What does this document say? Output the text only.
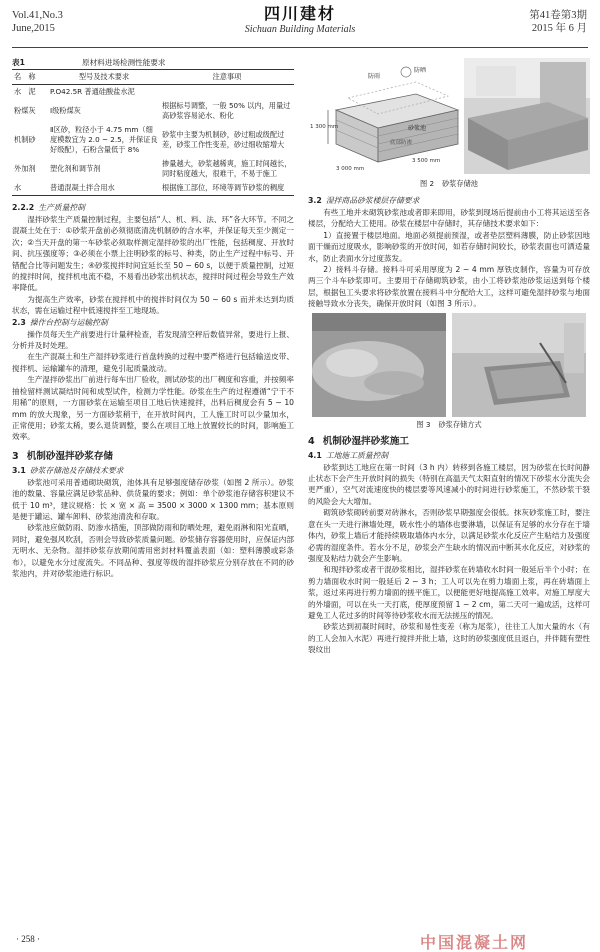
Vol.41,No.3
June,2015
四川建材
Sichuan Building Materials
第41卷第3期
2015 年 6 月
表1	原材料进场检测性能要求
名　称	型号及技术要求	注意事项
水　泥	P.O42.5R 普通硅酸盐水泥	
粉煤灰	Ⅰ级粉煤灰	根据标号调整，一般 50% 以内，用量过高砂浆容易泌水、粉化
机制砂	Ⅱ区砂，粒径小于 4.75 mm（细度模数宜为 2.0 ~ 2.5，并保证良好级配），石粉含量低于 8%	砂浆中主要为机制砂，砂过粗或级配过差，砂浆工作性变差，砂过细收缩增大
外加剂	塑化剂和调节剂	掺量越大，砂浆越稀爽，施工时间越长，同时粘度越大，很难干，不易于施工
水	普通混凝土拌合用水	根据施工部位，环境等调节砂浆的稠度
2.2.2 生产质量控制

湿拌砂浆生产质量控制过程，主要包括“人、机、料、法、环”各大环节。不同之混凝土处在于：①砂浆开盘前必须彻底清洗机制砂的含水率，并保证每天至少测定一次；②当天开盘的第一车砂浆必须取样测定湿拌砂浆的出厂性能，包括稠度、开放时间、抗压强度等；③必须在小票上注明砂浆的标号、种类，防止生产过程中标号、开错配合比等问题发生；④砂浆搅拌时间宜延长至 50 ~ 60 s，以便于质量控制，过短的搅拌时间，搅拌机电流不稳，不易看出砂浆出机状态，搅拌时间过程会导致生产效率降低。

为提高生产效率，砂浆在搅拌机中的搅拌时间仅为 50 ~ 60 s 而并未达到均质状态，需在运输过程中低速搅拌至工地现场。

2.3 操作台控制与运输控制

操作员每天生产前要进行计量秤检查，若发现清空秤后数值异常，要进行上报、分析并及时处理。

在生产混凝土和生产湿拌砂浆进行首盘转换的过程中要严格进行包括输送皮带、搅拌机、运输罐车的清理，避免引起质量波动。

生产湿拌砂浆出厂前进行每车出厂验收，测试砂浆的出厂稠度和容重，并按频率抽检留样测试凝结时间和成型试件，检测力学性能。砂浆在生产的过程遵循“宁干不用稀”的原则，一方面砂浆在运输至项目工地后快速搅拌，出料后稠度会有 5 ~ 10 mm 的放大现象，另一方面砂浆稍干，在开放时间内，工人施工时可以少量加水，正常使用；砂浆太稀，要么退货调整，要么在项目工地上放置较长的时间，影响施工效率。

3 机制砂湿拌砂浆存储
3.1 砂浆存储池及存储技术要求

砂浆池可采用普通砌块砌筑，池体具有足够强度储存砂浆（如图 2 所示）。砂浆池的数量、容量应满足砂浆品种、供货量的要求；例如：单个砂浆池存储容积建议不低于 10 m³，建议规格：长 × 宽 × 高 = 3500 × 3000 × 1300 mm；基本原则是便于罐运、罐车卸料、砂浆池清洗和存取。

砂浆池应做防雨、防渗水措施，顶部做防雨和防晒处理，避免雨淋和阳光直晒，同时，避免强风吹刮，否则会导致砂浆质量问题。砂浆储存容器使用时，应保证内部无明水、无杂物。湿拌砂浆存放期间需用密封材料覆盖表面（如：塑料薄膜或彩条布），以避免水分过度流失。不同品种、强度等级的湿拌砂浆应分别存放在不同的砂浆池内，并对砂浆池进行标识。

防雨
防晒
砂浆池
1 300 mm
3 000 mm
3 500 mm
底部防渗
图 2 砂浆存储池
3.2 湿拌商品砂浆楼层存储要求

有些工地并未砌筑砂浆池或者即来即用，砂浆到现场后提前由小工将其运送至各楼层，分配给大工使用。砂浆在楼层中存储时，其存储技术要求如下：

1）直接置于楼层地面。地面必须提前预湿，或者垫层塑料薄膜，防止砂浆因地面干燥而过度吸水，影响砂浆的开放时间，如若存储时间较长，砂浆表面也可洒适量水，防止表面水分过度蒸发。

2）接料斗存储。接料斗可采用厚度为 2 ~ 4 mm 厚铁皮制作，容量为可存放两三个斗车砂浆即可。主要用于存储砌筑砂浆，由小工将砂浆池砂浆运送到每个楼层，根据包工头要求将砂浆放置在接料斗中分配给大工，这样可避免湿拌砂浆与地面接触导致水分丧失，确保开放时间（如图 3 所示）。

图 3 砂浆存储方式
4 机制砂湿拌砂浆施工
4.1 工地施工质量控制

砂浆到达工地应在第一时间（3 h 内）转移到各施工楼层，因为砂浆在长时间静止状态下会产生开放时间的损失（特别在高温天气太阳直射的情况下砂浆水分流失会更严重），空气对流速度快的楼层要等风速减小的时间进行砂浆施工，不然砂浆干裂的风险会大大增加。

砌筑砂浆砌砖前要对砖淋水，否则砂浆早期强度会很低。抹灰砂浆施工时，要注意在头一天进行淋墙处理，吸水性小的墙体也要淋墙，以保证有足够的水分存在于墙体内，砂浆上墙后才能持续吸取墙体内水分，以满足砂浆水化反应产生粘结力及强度必需的湿度条件。若水分不足，砂浆会产生缺水的情况而中断其水化反应，对砂浆的强度及粘结力就会产生影响。

和现拌砂浆或者干混砂浆相比，湿拌砂浆在砖墙收水时间一般延后半个小时；在剪力墙面收水时间一般延后 2 ~ 3 h；工人可以先在剪力墙面上浆，再在砖墙面上浆，返过来再进行剪力墙面的搓平施工，以便能更好地提高施工效率。对施工厚度大的外墙面，可以在头一天打底，使厚度预留 1 ~ 2 cm，第二天可一遍成活，这样可避免工人花过多的时间等待砂浆收水而无法搓压的情况。

砂浆达到初凝时间时，砂浆和易性变差（称为尾浆），往往工人加大量的水（有的工人会加入水泥）再进行搅拌并批上墙，这时的砂浆强度低且返白，并伴随有塑性裂纹出

· 258 ·	中国混凝土网
